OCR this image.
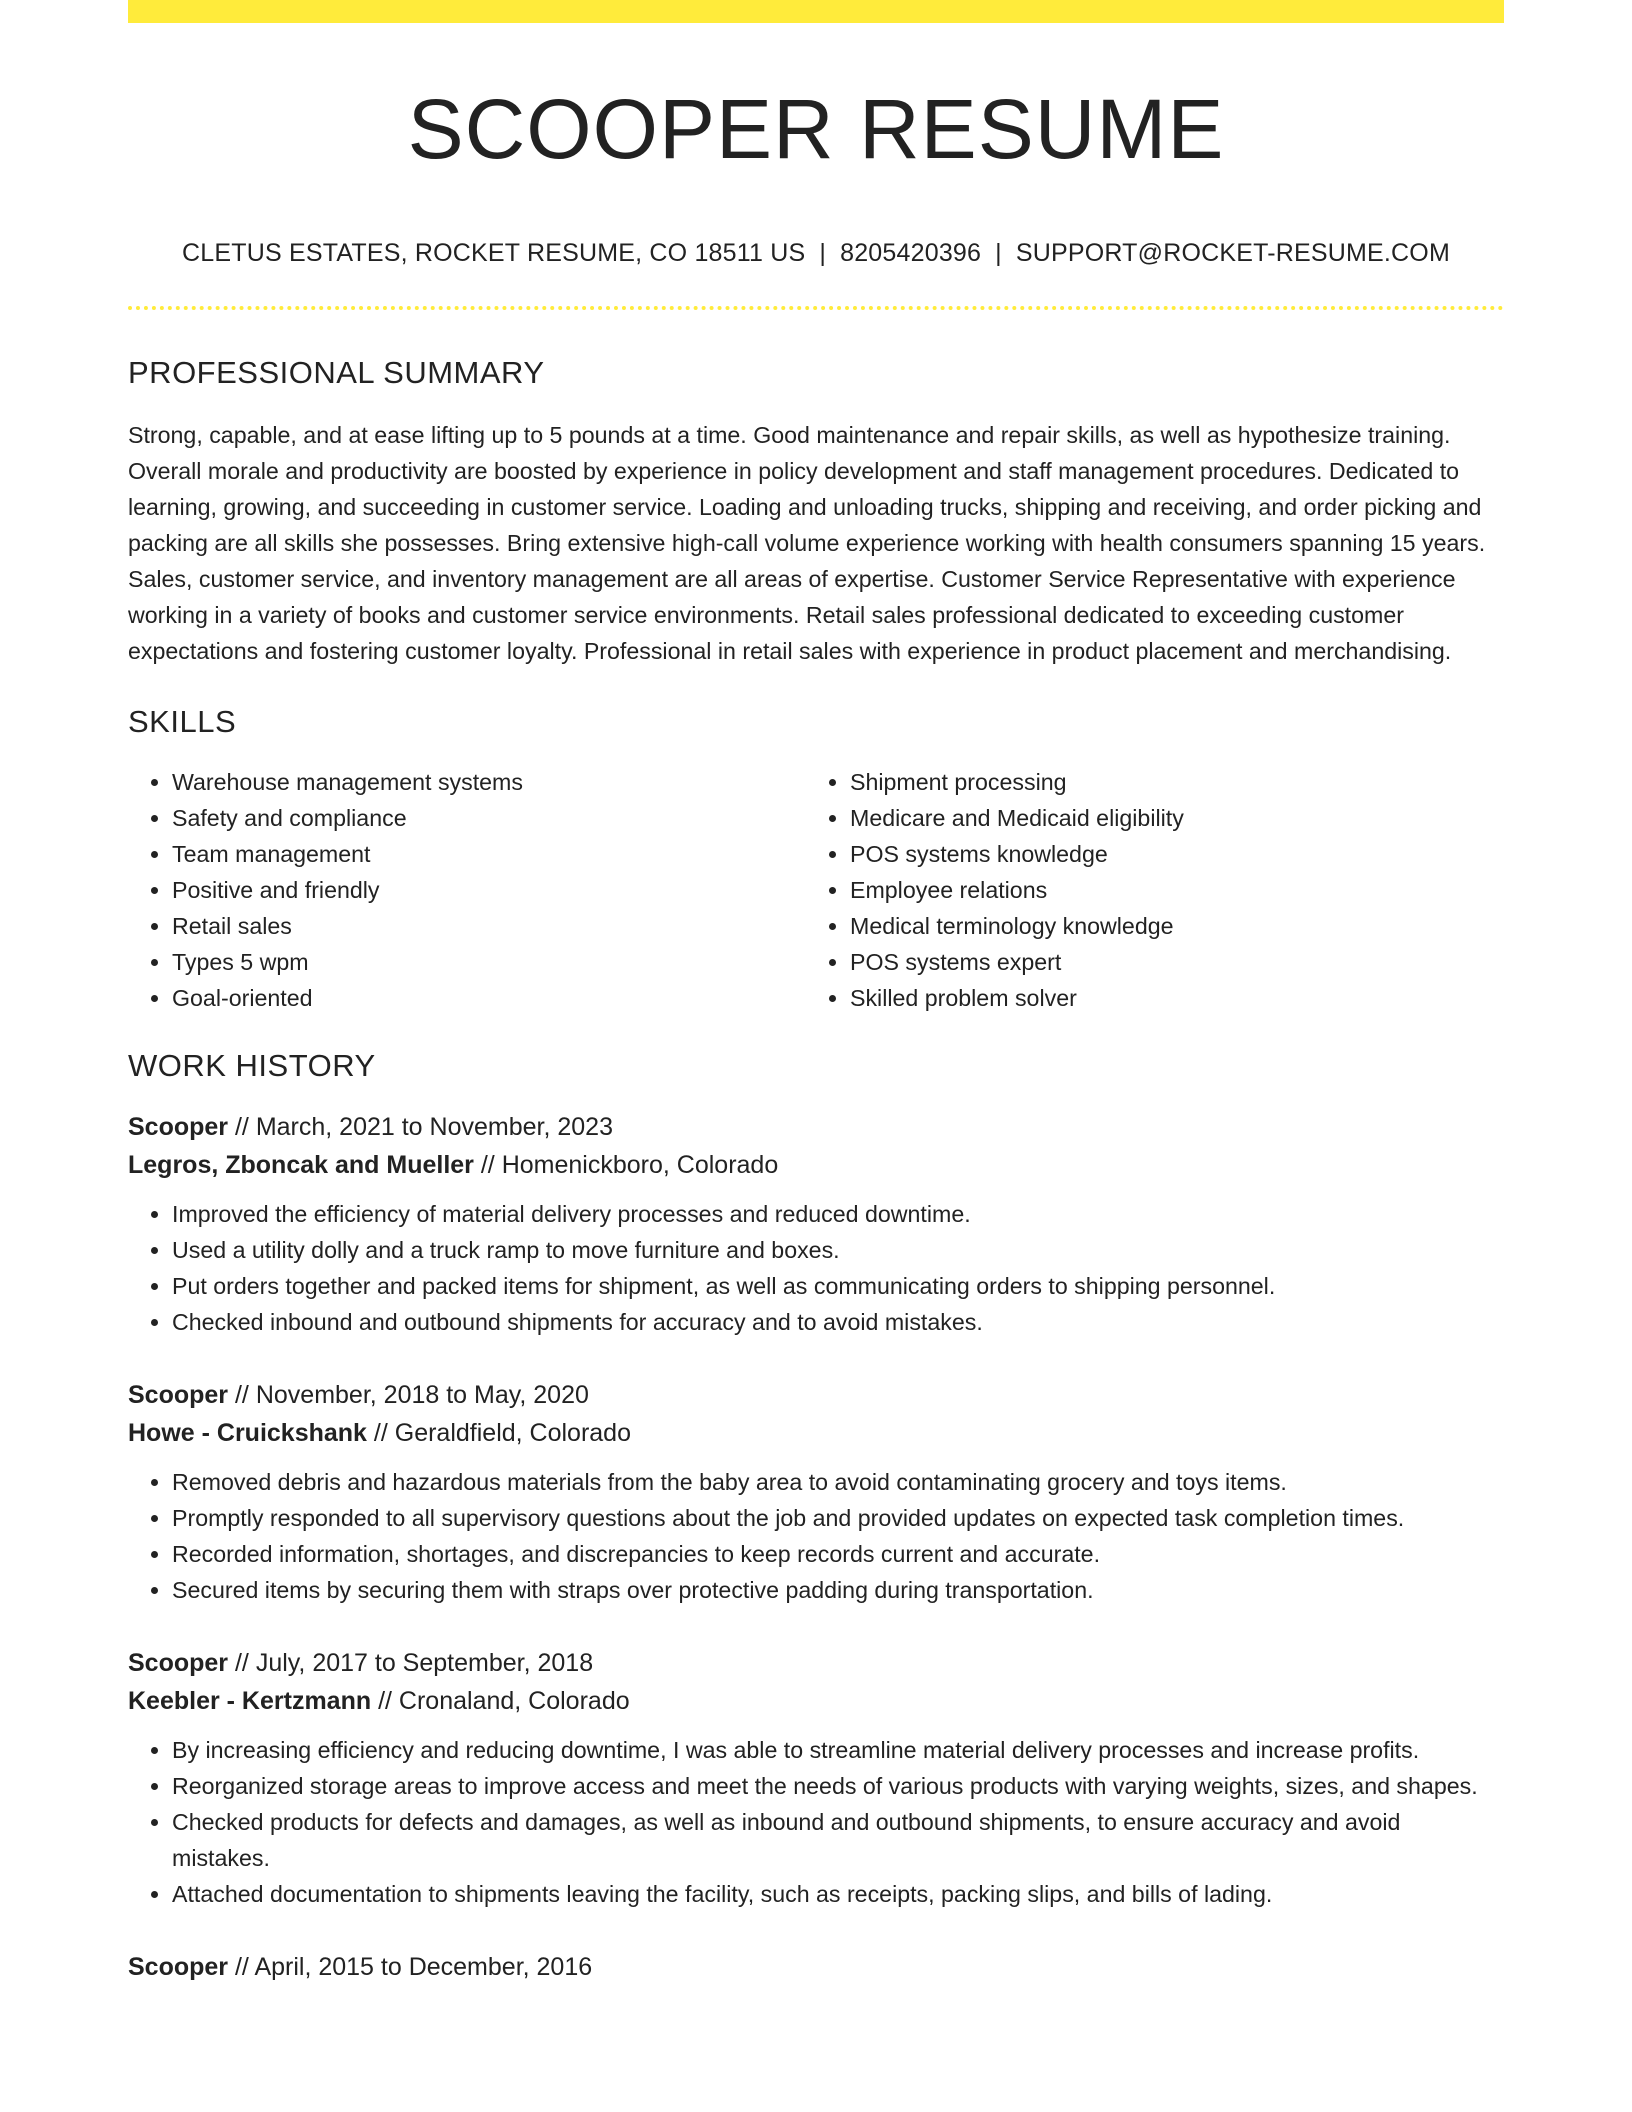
SCOOPER RESUME
CLETUS ESTATES, ROCKET RESUME, CO 18511 US | 8205420396 | SUPPORT@ROCKET-RESUME.COM
PROFESSIONAL SUMMARY

Strong, capable, and at ease lifting up to 5 pounds at a time. Good maintenance and repair skills, as well as hypothesize training. Overall morale and productivity are boosted by experience in policy development and staff management procedures. Dedicated to learning, growing, and succeeding in customer service. Loading and unloading trucks, shipping and receiving, and order picking and packing are all skills she possesses. Bring extensive high-call volume experience working with health consumers spanning 15 years. Sales, customer service, and inventory management are all areas of expertise. Customer Service Representative with experience working in a variety of books and customer service environments. Retail sales professional dedicated to exceeding customer expectations and fostering customer loyalty. Professional in retail sales with experience in product placement and merchandising.

SKILLS
• Warehouse management systems
• Safety and compliance
• Team management
• Positive and friendly
• Retail sales
• Types 5 wpm
• Goal-oriented
• Shipment processing
• Medicare and Medicaid eligibility
• POS systems knowledge
• Employee relations
• Medical terminology knowledge
• POS systems expert
• Skilled problem solver
WORK HISTORY
Scooper // March, 2021 to November, 2023
Legros, Zboncak and Mueller // Homenickboro, Colorado
• Improved the efficiency of material delivery processes and reduced downtime.
• Used a utility dolly and a truck ramp to move furniture and boxes.
• Put orders together and packed items for shipment, as well as communicating orders to shipping personnel.
• Checked inbound and outbound shipments for accuracy and to avoid mistakes.
Scooper // November, 2018 to May, 2020
Howe - Cruickshank // Geraldfield, Colorado
• Removed debris and hazardous materials from the baby area to avoid contaminating grocery and toys items.
• Promptly responded to all supervisory questions about the job and provided updates on expected task completion times.
• Recorded information, shortages, and discrepancies to keep records current and accurate.
• Secured items by securing them with straps over protective padding during transportation.
Scooper // July, 2017 to September, 2018
Keebler - Kertzmann // Cronaland, Colorado
• By increasing efficiency and reducing downtime, I was able to streamline material delivery processes and increase profits.
• Reorganized storage areas to improve access and meet the needs of various products with varying weights, sizes, and shapes.
• Checked products for defects and damages, as well as inbound and outbound shipments, to ensure accuracy and avoid mistakes.
• Attached documentation to shipments leaving the facility, such as receipts, packing slips, and bills of lading.
Scooper // April, 2015 to December, 2016
